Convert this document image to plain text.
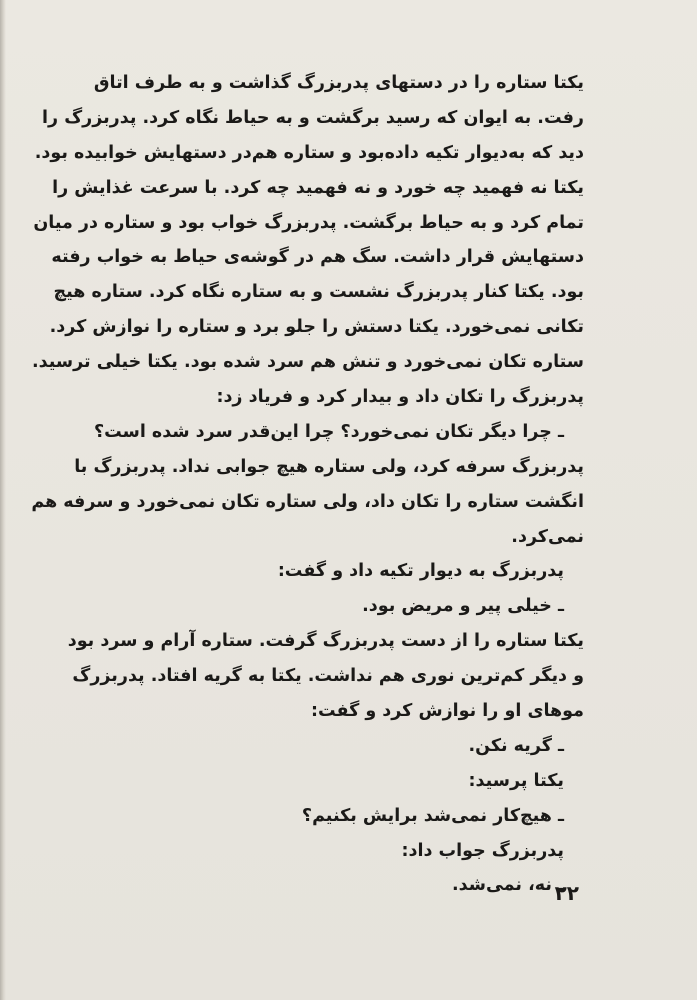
یکتا ستاره را در دستهای پدربزرگ گذاشت و به طرف اتاق
رفت. به ایوان که رسید برگشت و به حیاط نگاه کرد. پدربزرگ را
دید که به‌دیوار تکیه داده‌بود و ستاره هم‌در دستهایش خوابیده بود.
یکتا نه فهمید چه خورد و نه فهمید چه کرد. با سرعت غذایش را
تمام کرد و به حیاط برگشت. پدربزرگ خواب بود و ستاره در میان
دستهایش قرار داشت. سگ هم در گوشه‌ی حیاط به خواب رفته
بود. یکتا کنار پدربزرگ نشست و به ستاره نگاه کرد. ستاره هیچ
تکانی نمی‌خورد. یکتا دستش را جلو برد و ستاره را نوازش کرد.
ستاره تکان نمی‌خورد و تنش هم سرد شده بود. یکتا خیلی ترسید.
پدربزرگ را تکان داد و بیدار کرد و فریاد زد:
ـ چرا دیگر تکان نمی‌خورد؟ چرا این‌قدر سرد شده است؟
پدربزرگ سرفه کرد، ولی ستاره هیچ جوابی نداد. پدربزرگ با
انگشت ستاره را تکان داد، ولی ستاره تکان نمی‌خورد و سرفه هم
نمی‌کرد.
پدربزرگ به دیوار تکیه داد و گفت:
ـ خیلی پیر و مریض بود.
یکتا ستاره را از دست پدربزرگ گرفت. ستاره آرام و سرد بود
و دیگر کم‌ترین نوری هم نداشت. یکتا به گریه افتاد. پدربزرگ
موهای او را نوازش کرد و گفت:
ـ گریه نکن.
یکتا پرسید:
ـ هیچ‌کار نمی‌شد برایش بکنیم؟
پدربزرگ جواب داد:
ـ نه، نمی‌شد.
۲۲
